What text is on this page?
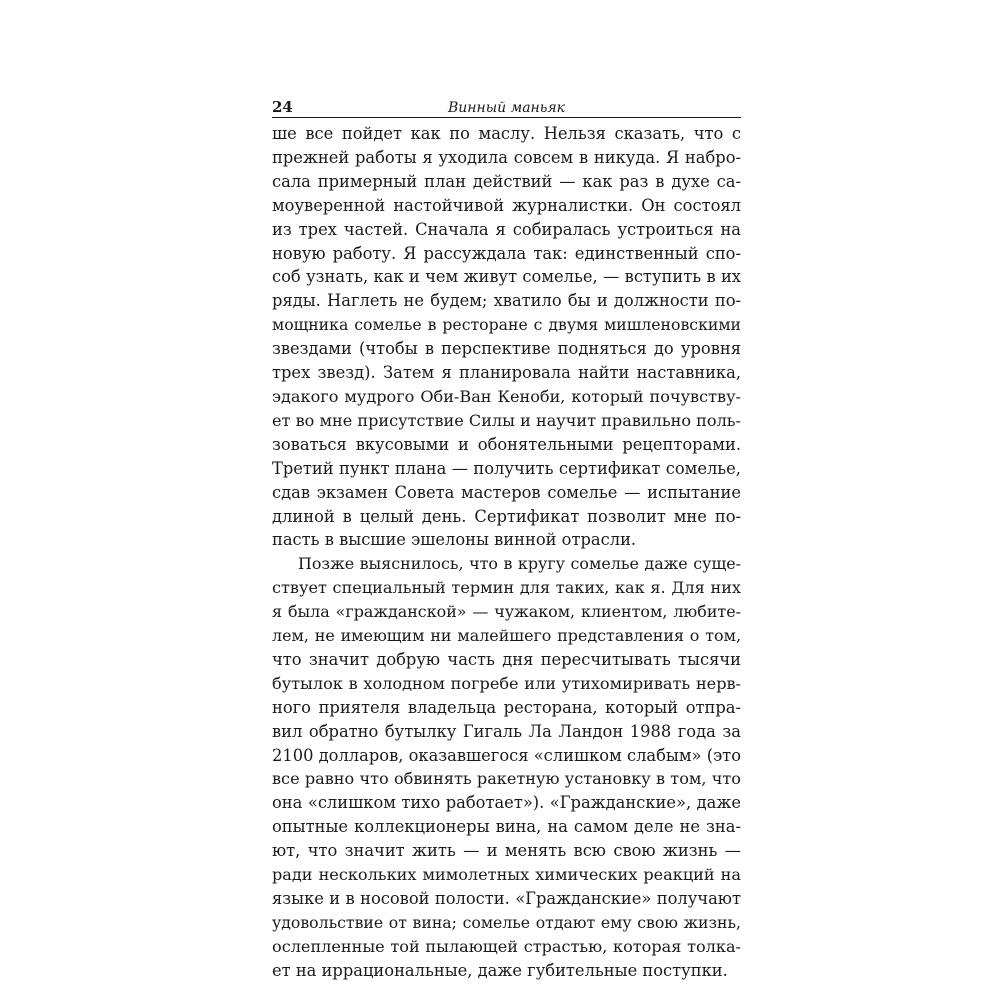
24	Винный маньяк
ше все пойдет как по маслу. Нельзя сказать, что с
прежней работы я уходила совсем в никуда. Я набро-
сала примерный план действий — как раз в духе са-
моуверенной настойчивой журналистки. Он состоял
из трех частей. Сначала я собиралась устроиться на
новую работу. Я рассуждала так: единственный спо-
соб узнать, как и чем живут сомелье, — вступить в их
ряды. Наглеть не будем; хватило бы и должности по-
мощника сомелье в ресторане с двумя мишленовскими
звездами (чтобы в перспективе подняться до уровня
трех звезд). Затем я планировала найти наставника,
эдакого мудрого Оби-Ван Кеноби, который почувству-
ет во мне присутствие Силы и научит правильно поль-
зоваться вкусовыми и обонятельными рецепторами.
Третий пункт плана — получить сертификат сомелье,
сдав экзамен Совета мастеров сомелье — испытание
длиной в целый день. Сертификат позволит мне по-
пасть в высшие эшелоны винной отрасли.
Позже выяснилось, что в кругу сомелье даже суще-
ствует специальный термин для таких, как я. Для них
я была «гражданской» — чужаком, клиентом, любите-
лем, не имеющим ни малейшего представления о том,
что значит добрую часть дня пересчитывать тысячи
бутылок в холодном погребе или утихомиривать нерв-
ного приятеля владельца ресторана, который отпра-
вил обратно бутылку Гигаль Ла Ландон 1988 года за
2100 долларов, оказавшегося «слишком слабым» (это
все равно что обвинять ракетную установку в том, что
она «слишком тихо работает»). «Гражданские», даже
опытные коллекционеры вина, на самом деле не зна-
ют, что значит жить — и менять всю свою жизнь —
ради нескольких мимолетных химических реакций на
языке и в носовой полости. «Гражданские» получают
удовольствие от вина; сомелье отдают ему свою жизнь,
ослепленные той пылающей страстью, которая толка-
ет на иррациональные, даже губительные поступки.
